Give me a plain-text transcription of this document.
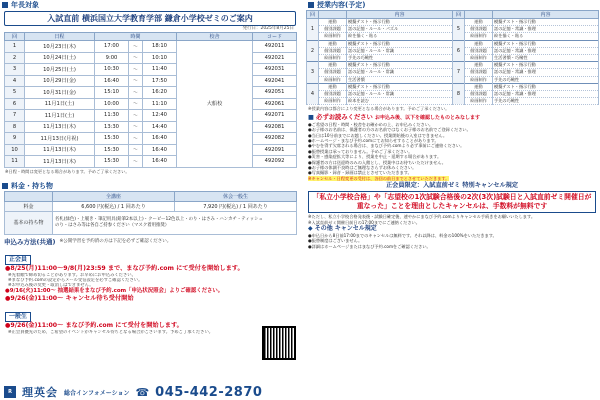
年長対象
入試直前 横浜国立大学教育学部 鎌倉小学校ゼミのご案内
発行日：2025年8月25日
回	日程	時間			校舎	コード
1	10月23日(木)	17:00	〜	18:10	大船校	492011
2	10月24日(土)	9:00	〜	10:10		492021
3	10月25日(土)	10:30	〜	11:40		492031
4	10月29日(金)	16:40	〜	17:50		492041
5	10月31日(金)	15:10	〜	16:20		492051
6	11月1日(土)	10:00	〜	11:10		492061
7	11月1日(土)	11:30	〜	12:40		492071
8	11月13日(木)	13:30	〜	14:40		492081
9	11月13日(月祝)	15:30	〜	16:40		492082
10	11月13日(木)	15:30	〜	16:40		492091
11	11月13日(木)	15:30	〜	16:40		492092
※日程・時間は変更となる場合があります。予めご了承ください。
料金・持ち物
	全講座	休会一般生
料金	6,600 円(税込) / 1 回あたり	7,920 円(税込) / 1 回あたり
基本の持ち物	名札(緑色)・上履き・筆記用具(鉛筆2本以上)・クーピー12色以上・のり・はさみ・ハンカチ・ティッシュ
のり・はさみ等は各自ご持参ください（マスク着用推奨）	
申込み方法(共通) ※公開学習を予約済の方は下記を必ずご確認ください。
正会員
●8/25(月)11:00〜9/8(月)23:59 まで、まなび予約.com にて受付を開始します。
※先着順で締め切ることがあります。お早めにお申込みください。
※まなび予約.comの設定からメール受信設定を必ずご確認ください。
※お申込み後の変更・取消しはできません。
●9/16(火)11:00〜 抽選結果をまなび予約.com「申込状況照会」よりご確認ください。
●9/26(金)11:00〜 キャンセル待ち受付開始
一般生
●9/26(金)11:00〜 まなび予約.com にて受付を開始します。
※正会員優先のため、ご希望のイベントがキャンセル待ちとなる場合がございます。予めご了承ください。
R 理英会 総合インフォメーション ☎ 045-442-2870
授業内容(予定)
回		内容	回		内容
1	運動	模擬テスト・指示行動	5	運動	模擬テスト・指示行動
	個別課題	話の記憶・ルール・パズル		個別課題	話の記憶・常識・推理
	絵画制作	絵を描く・貼る		絵画制作	絵を描く・貼る
2	運動	模擬テスト・指示行動	6	運動	模擬テスト・指示行動
	個別課題	話の記憶・ルール・常識		個別課題	話の記憶・常識・推理
	絵画制作	手先の巧緻性		絵画制作	生活習慣・巧緻性
3	運動	模擬テスト・指示行動	7	運動	模擬テスト・指示行動
	個別課題	話の記憶・ルール・常識		個別課題	話の記憶・常識・推理
	絵画制作	生活習慣		絵画制作	手先の巧緻性
4	運動	模擬テスト・指示行動	8	運動	模擬テスト・指示行動
	個別課題	話の記憶・ルール・常識		個別課題	話の記憶・常識・推理
	絵画制作	絵本を読む		絵画制作	手先の巧緻性
※授業内容は都合により変更となる場合があります。予めご了承ください。
■ 必ずお読みください お申込み後、以下を確認したものとみなします
●ご希望の日程・時間・校舎をお確かめの上、お申込みください。
●お子様のお名前は、保護者の方のお名前ではなくお子様のお名前でご登録ください。
●当日は10分前までにお越しください。授業開始後の入室はできません。
●ホームページ・まなび予約.comにてお知らせすることがあります。
●やむを得ず欠席される場合は、まなび予約.comより必ず事前にご連絡ください。
●振替授業は承っておりません。予めご了承ください。
●災害・感染症拡大等により、授業を中止・延期する場合があります。
●保護者の方は送迎時のみの入館とし、授業中はお待ちいただけません。
●お子様の体調不良時はご無理なさらずお休みください。
●写真撮影・録音・録画は禁止とさせていただきます。
※キャンセル・日程変更の受付は、各回の前日までとさせていただきます。
正会員限定：入試直前ゼミ 特別キャンセル規定
「私立小学校合格」や「志望校の1次試験合格後の2次(3次)試験日と入試直前ゼミ開催日が重なった」ことを理由としたキャンセルは、手数料が無料です
※ただし、私立小学校合格発表後・試験日確定後、速やかにまなび予約.comよりキャンセル手続きをお願いいたします。
※入試直前ゼミ開催日前日の17:00までにご連絡ください。
◆ その他 キャンセル規定
●申込日から8日前17:00までのキャンセルは無料です。それ以降は、料金の100%をいただきます。
●振替制度はございません。
●詳細はホームページまたはまなび予約.comをご確認ください。
